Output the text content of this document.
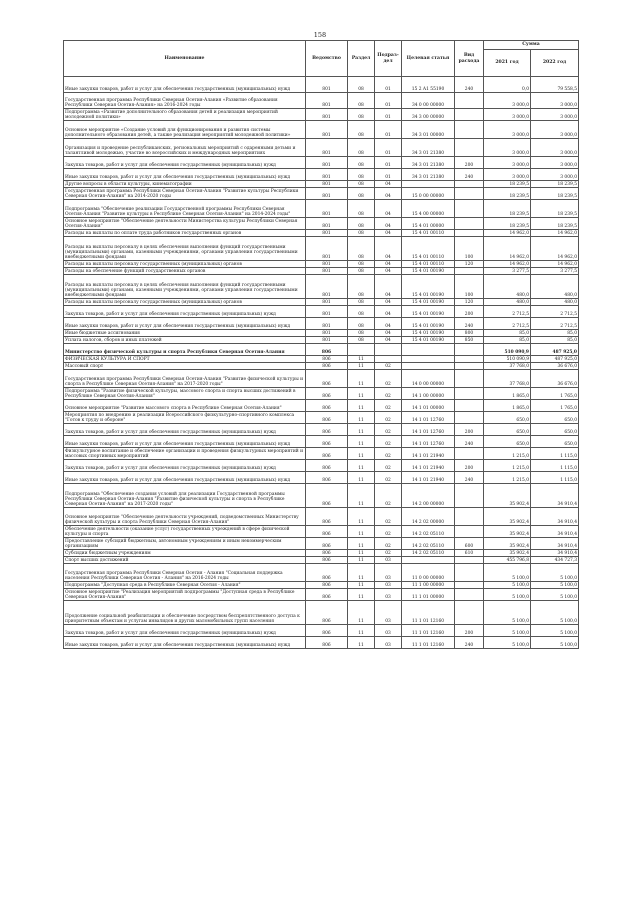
158
Наименование	Ведомство	Раздел	Подраз-дел	Целевая статья	Вид расхода	Сумма	
						2021 год	2022 год
Иные закупки товаров, работ и услуг для обеспечения государственных (муниципальных) нужд	801	08	01	15 2 A1 55190	240	0,0	79 558,5
Государственная программа Республики Северная Осетия-Алания «Развитие образования Республики Северная Осетия-Алания» на 2016-2024 годы	801	08	01	34 0 00 00000		3 000,0	3 000,0
Подпрограмма «Развитие дополнительного образования детей и реализация мероприятий молодежной политики»	801	08	01	34 3 00 00000		3 000,0	3 000,0
Основное мероприятие «Создание условий для функционирования и развития системы дополнительного образования детей, а также реализация мероприятий молодежной политики»	801	08	01	34 3 01 00000		3 000,0	3 000,0
Организация и проведение республиканских, региональных мероприятий с одаренными детьми и талантливой молодежью, участие во всероссийских и международных мероприятиях	801	08	01	34 3 01 21380		3 000,0	3 000,0
Закупка товаров, работ и услуг для обеспечения государственных (муниципальных) нужд	801	08	01	34 3 01 21380	200	3 000,0	3 000,0
Иные закупки товаров, работ и услуг для обеспечения государственных (муниципальных) нужд	801	08	01	34 3 01 21380	240	3 000,0	3 000,0
Другие вопросы в области культуры, кинематографии	801	08	04			18 239,5	18 239,5
Государственная программа Республики Северная Осетия-Алания "Развитие культуры Республики Северная Осетия-Алания" на 2014-2020 годы	801	08	04	15 0 00 00000		18 239,5	18 239,5
Подпрограмма "Обеспечение реализации Государственной программы Республики Северная Осетия-Алания "Развитие культуры в Республике Северная Осетия-Алания" на 2014-2024 годы"	801	08	04	15 4 00 00000		18 239,5	18 239,5
Основное мероприятие "Обеспечение деятельности Министерства культуры Республики Северная Осетия-Алания"	801	08	04	15 4 01 00000		18 239,5	18 239,5
Расходы на выплаты по оплате труда работников государственных органов	801	08	04	15 4 01 00110		14 962,0	14 962,0
Расходы на выплаты персоналу в целях обеспечения выполнения функций государственными (муниципальными) органами, казенными учреждениями, органами управления государственными внебюджетными фондами	801	08	04	15 4 01 00110	100	14 962,0	14 962,0
Расходы на выплаты персоналу государственных (муниципальных) органов	801	08	04	15 4 01 00110	120	14 962,0	14 962,0
Расходы на обеспечение функций государственных органов	801	08	04	15 4 01 00190		3 277,5	3 277,5
Расходы на выплаты персоналу в целях обеспечения выполнения функций государственными (муниципальными) органами, казенными учреждениями, органами управления государственными внебюджетными фондами	801	08	04	15 4 01 00190	100	480,0	480,0
Расходы на выплаты персоналу государственных (муниципальных) органов	801	08	04	15 4 01 00190	120	480,0	480,0
Закупка товаров, работ и услуг для обеспечения государственных (муниципальных) нужд	801	08	04	15 4 01 00190	200	2 712,5	2 712,5
Иные закупки товаров, работ и услуг для обеспечения государственных (муниципальных) нужд	801	08	04	15 4 01 00190	240	2 712,5	2 712,5
Иные бюджетные ассигнования	801	08	04	15 4 01 00190	800	85,0	85,0
Уплата налогов, сборов и иных платежей	801	08	04	15 4 01 00190	850	85,0	85,0
Министерство физической культуры и спорта Республики Северная Осетия-Алания	806					510 090,9	487 925,0
ФИЗИЧЕСКАЯ КУЛЬТУРА И СПОРТ	806	11				510 090,9	487 925,0
Массовый спорт	806	11	02			37 768,0	36 676,0
Государственная программа Республики Северная Осетия-Алания "Развитие физической культуры и спорта в Республике Северная Осетия-Алания" на 2017-2020 годы"	806	11	02	14 0 00 00000		37 768,0	36 676,0
Подпрограмма "Развитие физической культуры, массового спорта и спорта высших достижений в Республике Северная Осетия-Алания"	806	11	02	14 1 00 00000		1 865,0	1 765,0
Основное мероприятие "Развитие массового спорта в Республике Северная Осетия-Алания"	806	11	02	14 1 01 00000		1 865,0	1 765,0
Мероприятия по внедрению и реализации Всероссийского физкультурно-спортивного комплекса "Готов к труду и обороне"	806	11	02	14 1 01 12760		650,0	650,0
Закупка товаров, работ и услуг для обеспечения государственных (муниципальных) нужд	806	11	02	14 1 01 12760	200	650,0	650,0
Иные закупки товаров, работ и услуг для обеспечения государственных (муниципальных) нужд	806	11	02	14 1 01 12760	240	650,0	650,0
Физкультурное воспитание и обеспечение организации и проведения физкультурных мероприятий и массовых спортивных мероприятий	806	11	02	14 1 01 21940		1 215,0	1 115,0
Закупка товаров, работ и услуг для обеспечения государственных (муниципальных) нужд	806	11	02	14 1 01 21940	200	1 215,0	1 115,0
Иные закупки товаров, работ и услуг для обеспечения государственных (муниципальных) нужд	806	11	02	14 1 01 21940	240	1 215,0	1 115,0
Подпрограмма "Обеспечение создания условий для реализации Государственной программы Республики Северная Осетия-Алания "Развитие физической культуры и спорта в Республике Северная Осетия-Алания" на 2017-2020 годы"	806	11	02	14 2 00 00000		35 902,4	34 910,4
Основное мероприятие "Обеспечение деятельности учреждений, подведомственных Министерству физической культуры и спорта Республики Северная Осетия-Алания"	806	11	02	14 2 02 00000		35 902,4	34 910,4
Обеспечение деятельности (оказание услуг) государственных учреждений в сфере физической культуры и спорта	806	11	02	14 2 02 05110		35 902,4	34 910,4
Предоставление субсидий бюджетным, автономным учреждениям и иным некоммерческим организациям	806	11	02	14 2 02 05110	600	35 902,4	34 910,4
Субсидии бюджетным учреждениям	806	11	02	14 2 02 05110	610	35 902,4	34 910,4
Спорт высших достижений	806	11	03			455 796,8	434 727,3
Государственная программа Республики Северная Осетия - Алания "Социальная поддержка населения Республики Северная Осетия - Алания" на 2016-2024 годы	806	11	03	11 0 00 00000		5 100,0	5 100,0
Подпрограмма "Доступная среда в Республике Северная Осетия - Алания"	806	11	03	11 1 00 00000		5 100,0	5 100,0
Основное мероприятие "Реализация мероприятий подпрограммы "Доступная среда в Республике Северная Осетия-Алания"	806	11	03	11 1 01 00000		5 100,0	5 100,0
Продолжение социальной реабилитации и обеспечение посредством беспрепятственного доступа к приоритетным объектам и услугам инвалидов и других маломобильных групп населения	806	11	03	11 1 01 12160		5 100,0	5 100,0
Закупка товаров, работ и услуг для обеспечения государственных (муниципальных) нужд	806	11	03	11 1 01 12160	200	5 100,0	5 100,0
Иные закупки товаров, работ и услуг для обеспечения государственных (муниципальных) нужд	806	11	03	11 1 01 12160	240	5 100,0	5 100,0
